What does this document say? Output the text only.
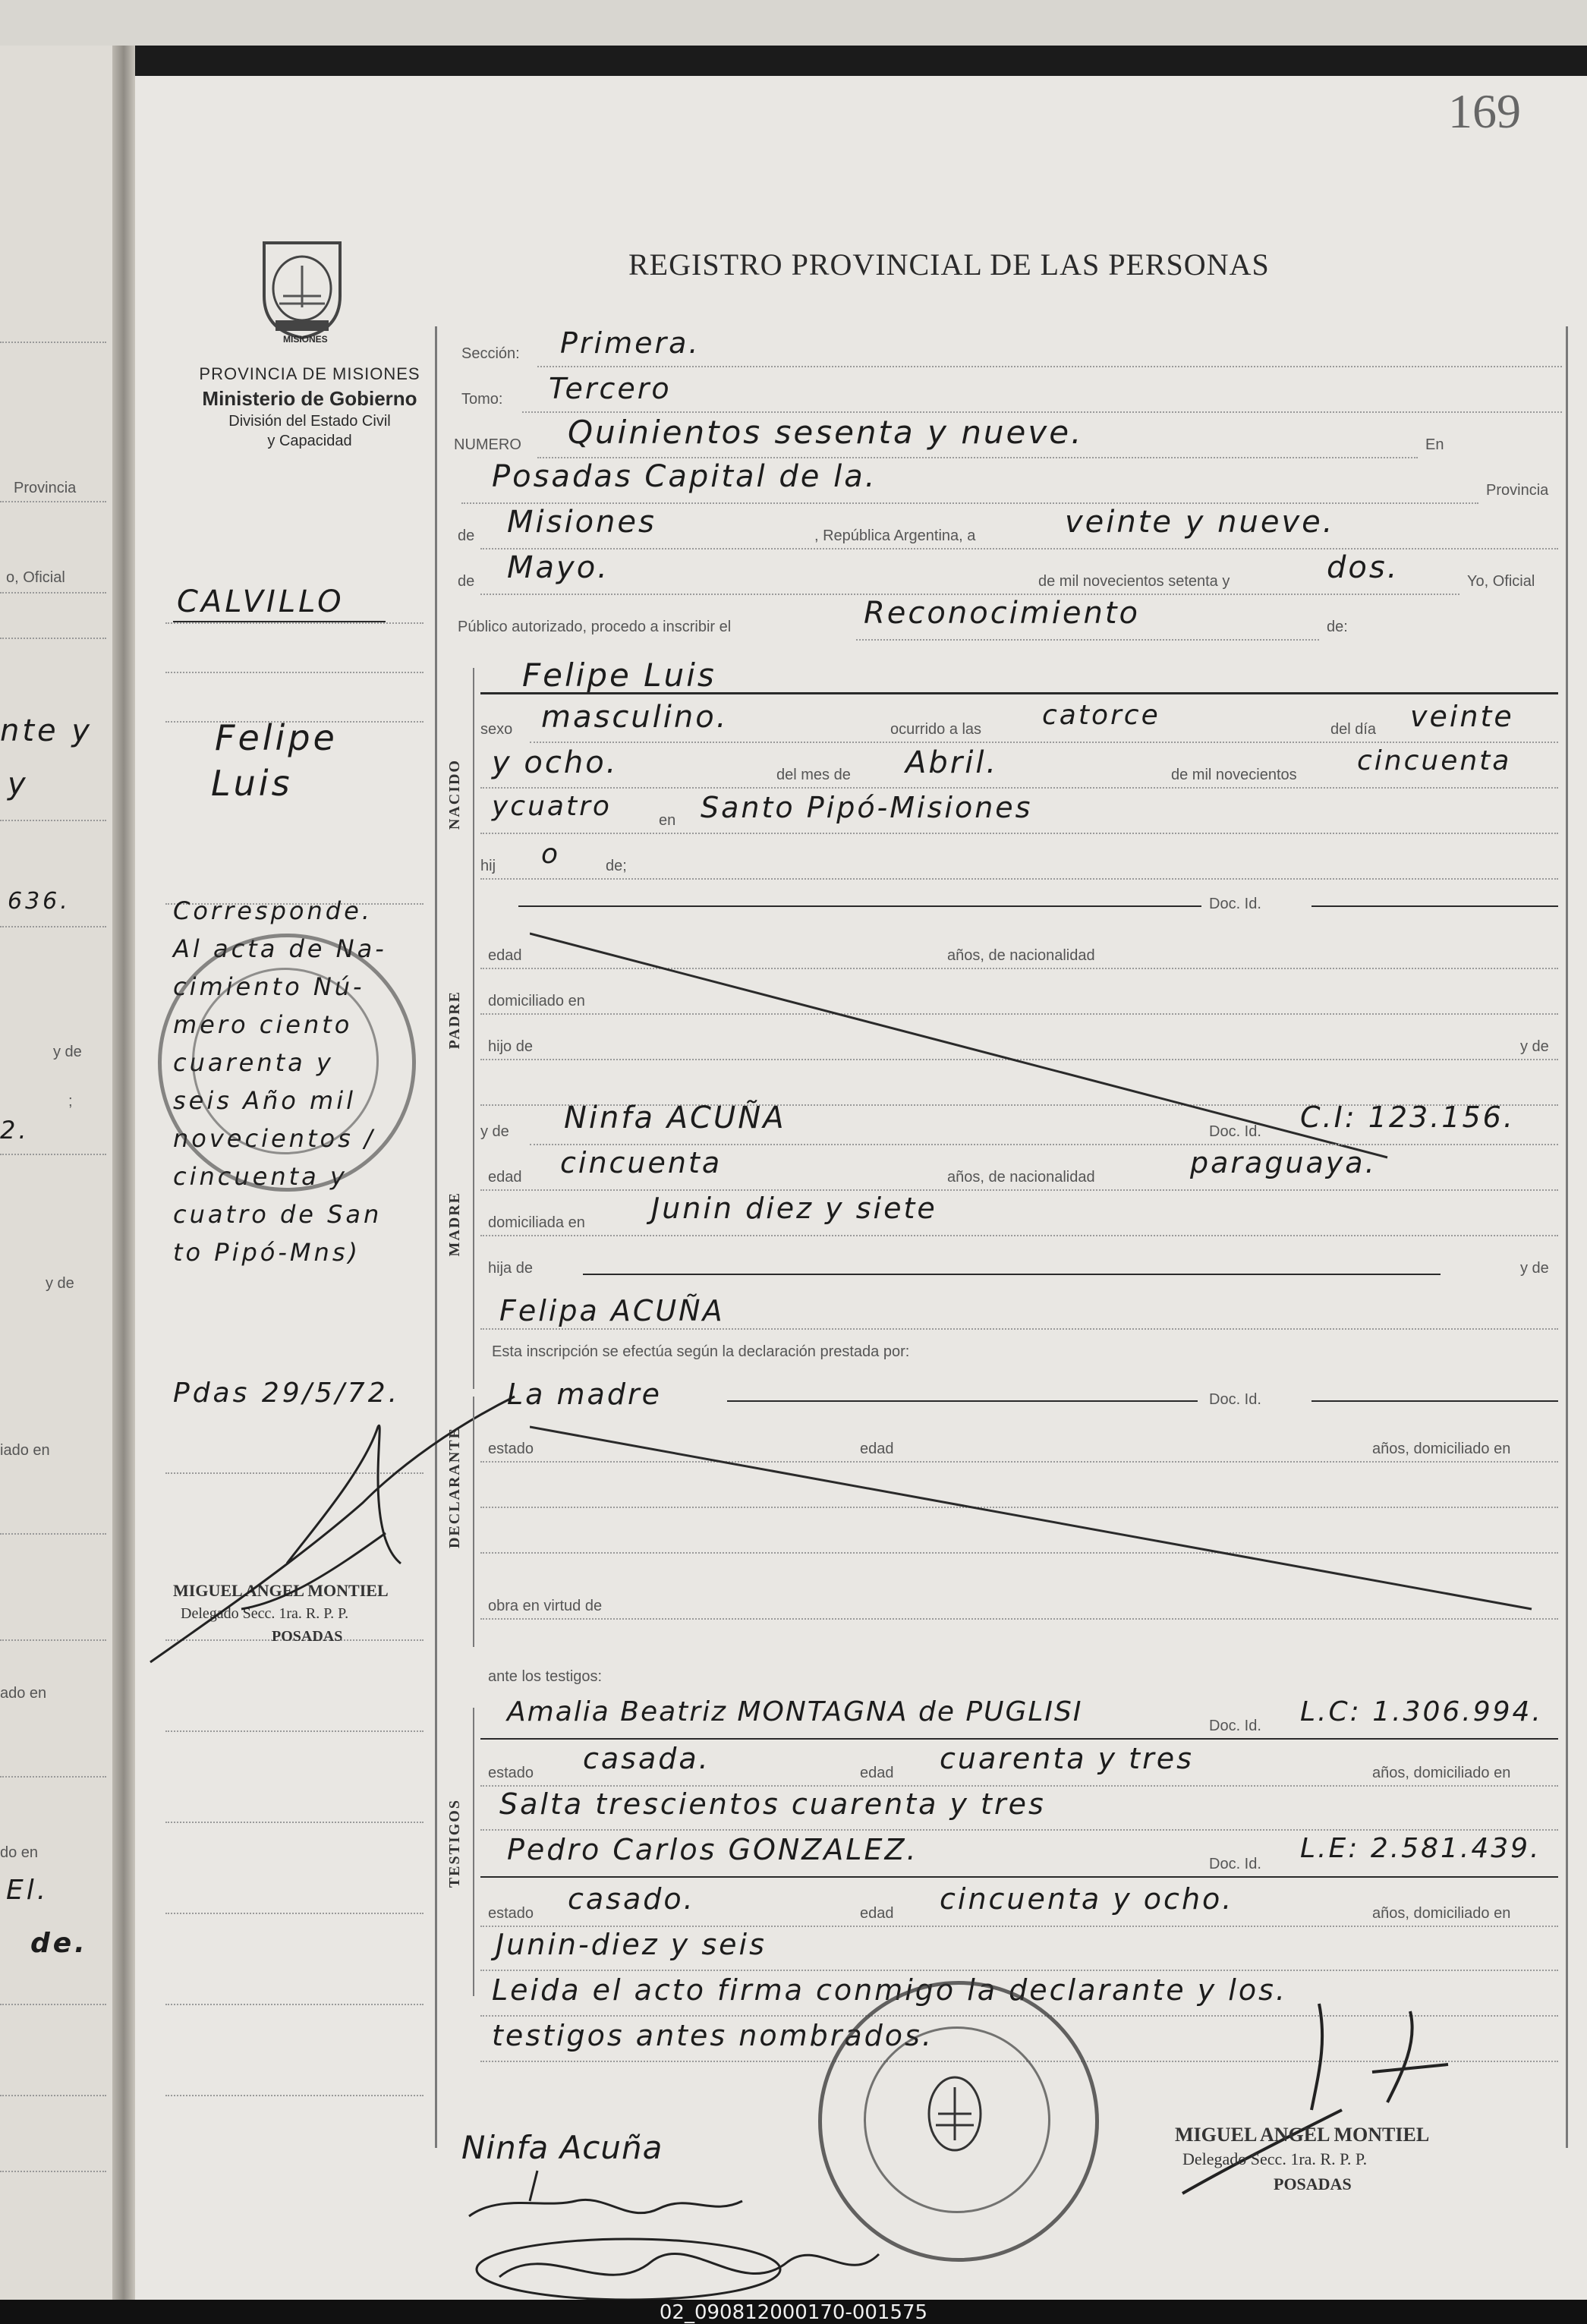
Provincia
o, Oficial
nte y
y
636.
y de
;
2.
y de
iado en
ado en
do en
El.
de.
169
MISIONES
PROVINCIA DE MISIONES
Ministerio de Gobierno
División del Estado Civil
y Capacidad
REGISTRO PROVINCIAL DE LAS PERSONAS
CALVILLO
Felipe
Luis
Corresponde.
Al acta de Na-
cimiento Nú-
mero ciento
cuarenta y
seis Año mil
novecientos /
cincuenta y
cuatro de San
to Pipó-Mns)
Pdas 29/5/72.
MIGUEL ANGEL MONTIEL
Delegado Secc. 1ra. R. P. P.
POSADAS
Sección: Primera.
Tomo: Tercero
NUMERO Quinientos sesenta y nueve.	En
Posadas Capital de la.	Provincia
de Misiones	, República Argentina, a	veinte y nueve.
de Mayo.	de mil novecientos setenta y	dos.	Yo, Oficial
Público autorizado, procedo a inscribir el	Reconocimiento	de:
NACIDO
Felipe Luis
sexo masculino.	ocurrido a las catorce	del día veinte
y ocho.	del mes de Abril.	de mil novecientos cincuenta
ycuatro	en Santo Pipó-Misiones
hij o	de;
Doc. Id.
PADRE
edad	años, de nacionalidad
domiciliado en
hijo de	y de
MADRE
y de Ninfa ACUÑA	Doc. Id. C.I: 123.156.
edad cincuenta	años, de nacionalidad	paraguaya.
domiciliada en Junin diez y siete
hija de	y de
Felipa ACUÑA
Esta inscripción se efectúa según la declaración prestada por:
DECLARANTE
La madre	Doc. Id.
estado	edad	años, domiciliado en
obra en virtud de
ante los testigos:
TESTIGOS
Amalia Beatriz MONTAGNA de PUGLISI	Doc. Id. L.C: 1.306.994.
estado casada.	edad cuarenta y tres	años, domiciliado en
Salta trescientos cuarenta y tres
Pedro Carlos GONZALEZ.	Doc. Id. L.E: 2.581.439.
estado casado.	edad cincuenta y ocho.	años, domiciliado en
Junin-diez y seis
Leida el acto firma conmigo la declarante y los.
testigos antes nombrados.
Ninfa Acuña	MIGUEL ANGEL MONTIEL
Delegado Secc. 1ra. R. P. P.
POSADAS
02_090812000170-001575
